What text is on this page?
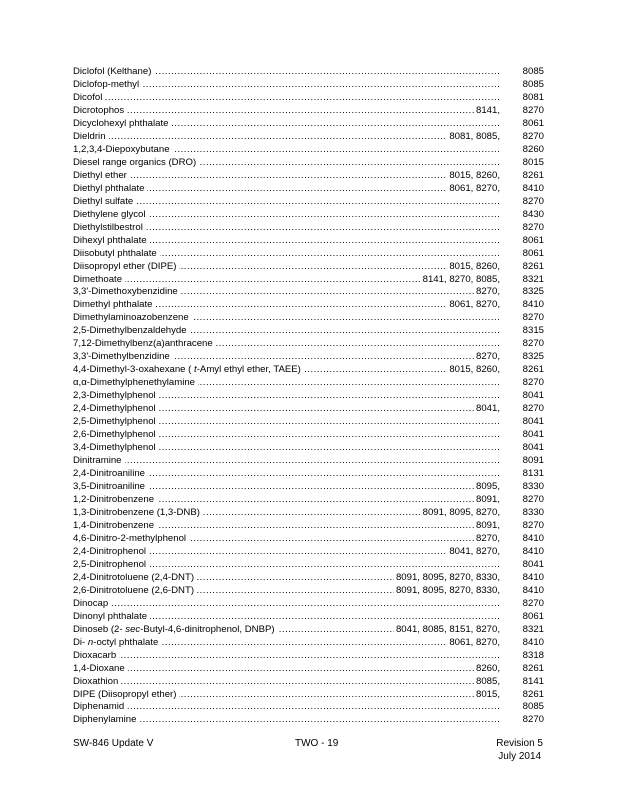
.....
Diclofol (Kelthane)	8085
.....
Diclofop-methyl	8085
.....
Dicofol	8081
.....
Dicrotophos	8141,	8270
.....
Dicyclohexyl phthalate	8061
.....
Dieldrin	8081, 8085,	8270
.....
1,2,3,4-Diepoxybutane	8260
.....
Diesel range organics (DRO)	8015
.....
Diethyl ether	8015, 8260,	8261
.....
Diethyl phthalate	8061, 8270,	8410
.....
Diethyl sulfate	8270
.....
Diethylene glycol	8430
.....
Diethylstilbestrol	8270
.....
Dihexyl phthalate	8061
.....
Diisobutyl phthalate	8061
.....
Diisopropyl ether (DIPE)	8015, 8260,	8261
.....
Dimethoate	8141, 8270, 8085,	8321
.....
3,3'-Dimethoxybenzidine	8270,	8325
.....
Dimethyl phthalate	8061, 8270,	8410
.....
Dimethylaminoazobenzene	8270
.....
2,5-Dimethylbenzaldehyde	8315
.....
7,12-Dimethylbenz(a)anthracene	8270
.....
3,3'-Dimethylbenzidine	8270,	8325
.....
4,4-Dimethyl-3-oxahexane ( t-Amyl ethyl ether, TAEE)	8015, 8260,	8261
.....
α,α-Dimethylphenethylamine	8270
.....
2,3-Dimethylphenol	8041
.....
2,4-Dimethylphenol	8041,	8270
.....
2,5-Dimethylphenol	8041
.....
2,6-Dimethylphenol	8041
.....
3,4-Dimethylphenol	8041
.....
Dinitramine	8091
.....
2,4-Dinitroaniline	8131
.....
3,5-Dinitroaniline	8095,	8330
.....
1,2-Dinitrobenzene	8091,	8270
.....
1,3-Dinitrobenzene (1,3-DNB)	8091, 8095, 8270,	8330
.....
1,4-Dinitrobenzene	8091,	8270
.....
4,6-Dinitro-2-methylphenol	8270,	8410
.....
2,4-Dinitrophenol	8041, 8270,	8410
.....
2,5-Dinitrophenol	8041
.....
2,4-Dinitrotoluene (2,4-DNT)	8091, 8095, 8270, 8330,	8410
.....
2,6-Dinitrotoluene (2,6-DNT)	8091, 8095, 8270, 8330,	8410
.....
Dinocap	8270
.....
Dinonyl phthalate	8061
.....
Dinoseb (2- sec-Butyl-4,6-dinitrophenol, DNBP)	8041, 8085, 8151, 8270,	8321
.....
Di- n-octyl phthalate	8061, 8270,	8410
.....
Dioxacarb	8318
.....
1,4-Dioxane	8260,	8261
.....
Dioxathion	8085,	8141
.....
DIPE (Diisopropyl ether)	8015,	8261
.....
Diphenamid	8085
.....
Diphenylamine	8270
SW-846 Update V	TWO - 19	Revision 5
July 2014
